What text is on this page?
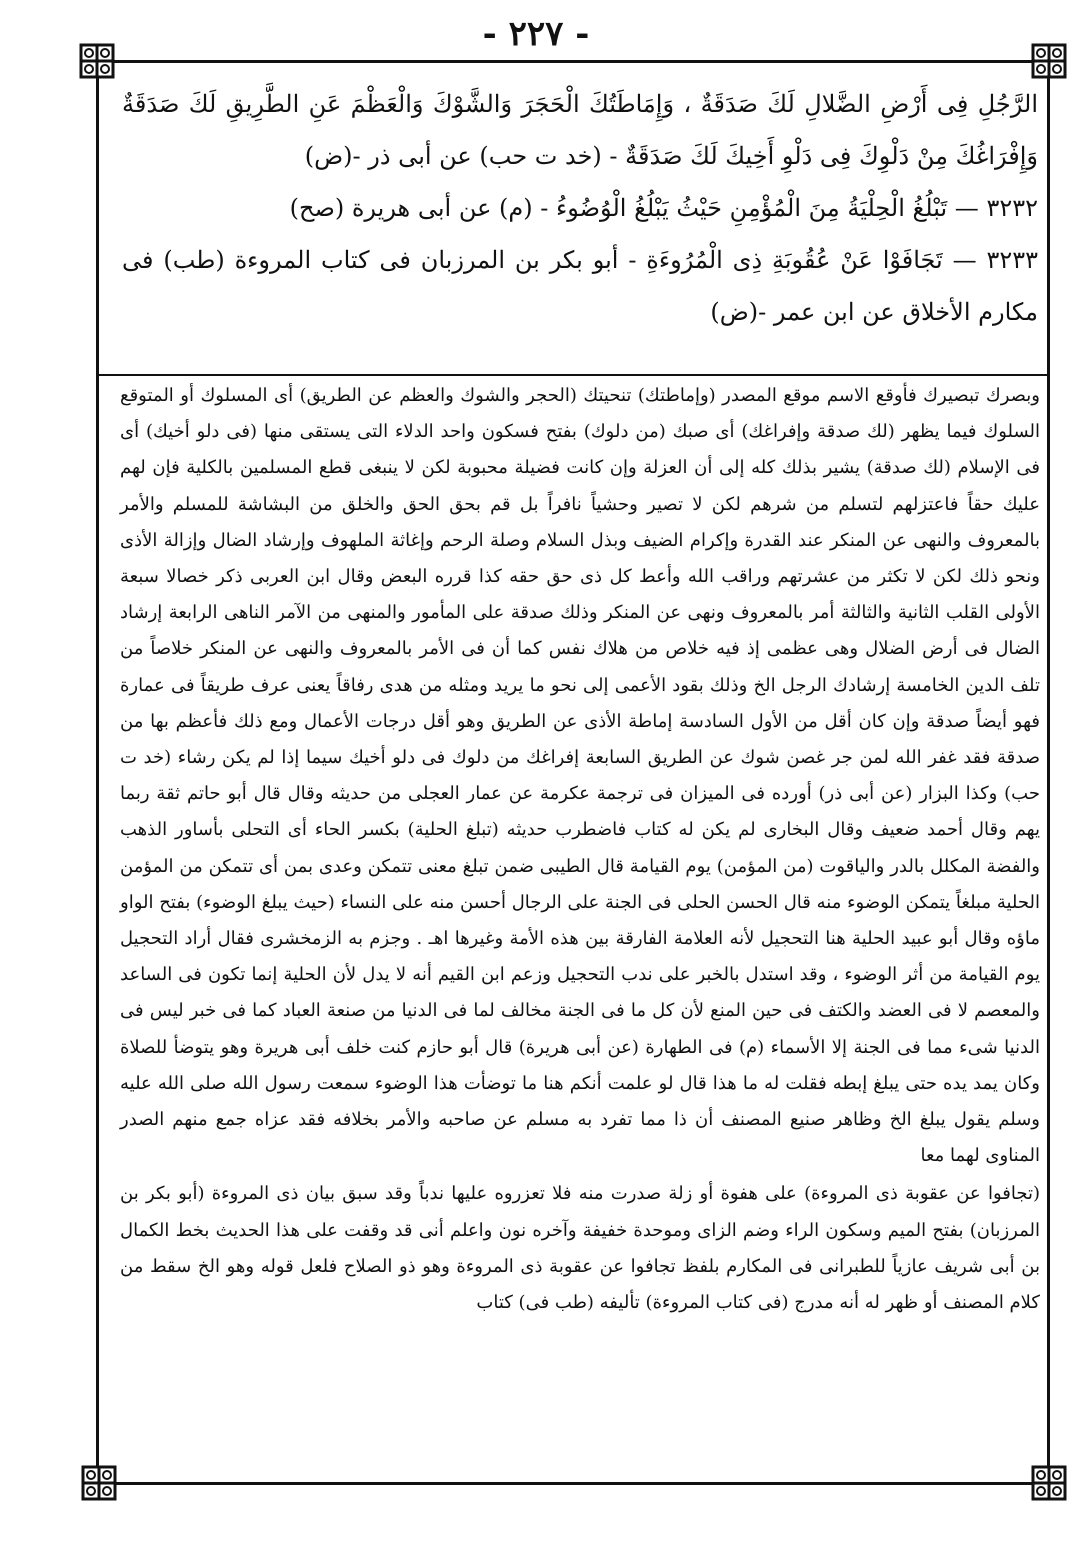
- ٢٢٧ -

الرَّجُلِ فِى أَرْضِ الضَّلالِ لَكَ صَدَقَةٌ ، وَإِمَاطَتُكَ الْحَجَرَ وَالشَّوْكَ وَالْعَظْمَ عَنِ الطَّرِيقِ لَكَ صَدَقَةٌ وَإِفْرَاغُكَ مِنْ دَلْوِكَ فِى دَلْوِ أَخِيكَ لَكَ صَدَقَةٌ - (خد ت حب) عن أبى ذر -(ض)

٣٢٣٢ — تَبْلُغُ الْحِلْيَةُ مِنَ الْمُؤْمِنِ حَيْثُ يَبْلُغُ الْوُضُوءُ - (م) عن أبى هريرة (صح)

٣٢٣٣ — تَجَافَوْا عَنْ عُقُوبَةِ ذِى الْمُرُوءَةِ - أبو بكر بن المرزبان فى كتاب المروءة (طب) فى مكارم الأخلاق عن ابن عمر -(ض)

وبصرك تبصيرك فأوقع الاسم موقع المصدر (وإماطتك) تنحيتك (الحجر والشوك والعظم عن الطريق) أى المسلوك أو المتوقع السلوك فيما يظهر (لك صدقة وإفراغك) أى صبك (من دلوك) بفتح فسكون واحد الدلاء التى يستقى منها (فى دلو أخيك) أى فى الإسلام (لك صدقة) يشير بذلك كله إلى أن العزلة وإن كانت فضيلة محبوبة لكن لا ينبغى قطع المسلمين بالكلية فإن لهم عليك حقاً فاعتزلهم لتسلم من شرهم لكن لا تصير وحشياً نافراً بل قم بحق الحق والخلق من البشاشة للمسلم والأمر بالمعروف والنهى عن المنكر عند القدرة وإكرام الضيف وبذل السلام وصلة الرحم وإغاثة الملهوف وإرشاد الضال وإزالة الأذى ونحو ذلك لكن لا تكثر من عشرتهم وراقب الله وأعط كل ذى حق حقه كذا قرره البعض وقال ابن العربى ذكر خصالا سبعة الأولى القلب الثانية والثالثة أمر بالمعروف ونهى عن المنكر وذلك صدقة على المأمور والمنهى من الآمر الناهى الرابعة إرشاد الضال فى أرض الضلال وهى عظمى إذ فيه خلاص من هلاك نفس كما أن فى الأمر بالمعروف والنهى عن المنكر خلاصاً من تلف الدين الخامسة إرشادك الرجل الخ وذلك بقود الأعمى إلى نحو ما يريد ومثله من هدى رفاقاً يعنى عرف طريقاً فى عمارة فهو أيضاً صدقة وإن كان أقل من الأول السادسة إماطة الأذى عن الطريق وهو أقل درجات الأعمال ومع ذلك فأعظم بها من صدقة فقد غفر الله لمن جر غصن شوك عن الطريق السابعة إفراغك من دلوك فى دلو أخيك سيما إذا لم يكن رشاء (خد ت حب) وكذا البزار (عن أبى ذر) أورده فى الميزان فى ترجمة عكرمة عن عمار العجلى من حديثه وقال قال أبو حاتم ثقة ربما يهم وقال أحمد ضعيف وقال البخارى لم يكن له كتاب فاضطرب حديثه (تبلغ الحلية) بكسر الحاء أى التحلى بأساور الذهب والفضة المكلل بالدر والياقوت (من المؤمن) يوم القيامة قال الطيبى ضمن تبلغ معنى تتمكن وعدى بمن أى تتمكن من المؤمن الحلية مبلغاً يتمكن الوضوء منه قال الحسن الحلى فى الجنة على الرجال أحسن منه على النساء (حيث يبلغ الوضوء) بفتح الواو ماؤه وقال أبو عبيد الحلية هنا التحجيل لأنه العلامة الفارقة بين هذه الأمة وغيرها اهـ . وجزم به الزمخشرى فقال أراد التحجيل يوم القيامة من أثر الوضوء ، وقد استدل بالخبر على ندب التحجيل وزعم ابن القيم أنه لا يدل لأن الحلية إنما تكون فى الساعد والمعصم لا فى العضد والكتف فى حين المنع لأن كل ما فى الجنة مخالف لما فى الدنيا من صنعة العباد كما فى خبر ليس فى الدنيا شىء مما فى الجنة إلا الأسماء (م) فى الطهارة (عن أبى هريرة) قال أبو حازم كنت خلف أبى هريرة وهو يتوضأ للصلاة وكان يمد يده حتى يبلغ إبطه فقلت له ما هذا قال لو علمت أنكم هنا ما توضأت هذا الوضوء سمعت رسول الله صلى الله عليه وسلم يقول يبلغ الخ وظاهر صنيع المصنف أن ذا مما تفرد به مسلم عن صاحبه والأمر بخلافه فقد عزاه جمع منهم الصدر المناوى لهما معا

(تجافوا عن عقوبة ذى المروءة) على هفوة أو زلة صدرت منه فلا تعزروه عليها ندباً وقد سبق بيان ذى المروءة (أبو بكر بن المرزبان) بفتح الميم وسكون الراء وضم الزاى وموحدة خفيفة وآخره نون واعلم أنى قد وقفت على هذا الحديث بخط الكمال بن أبى شريف عازياً للطبرانى فى المكارم بلفظ تجافوا عن عقوبة ذى المروءة وهو ذو الصلاح فلعل قوله وهو الخ سقط من كلام المصنف أو ظهر له أنه مدرج (فى كتاب المروءة) تأليفه (طب فى) كتاب
